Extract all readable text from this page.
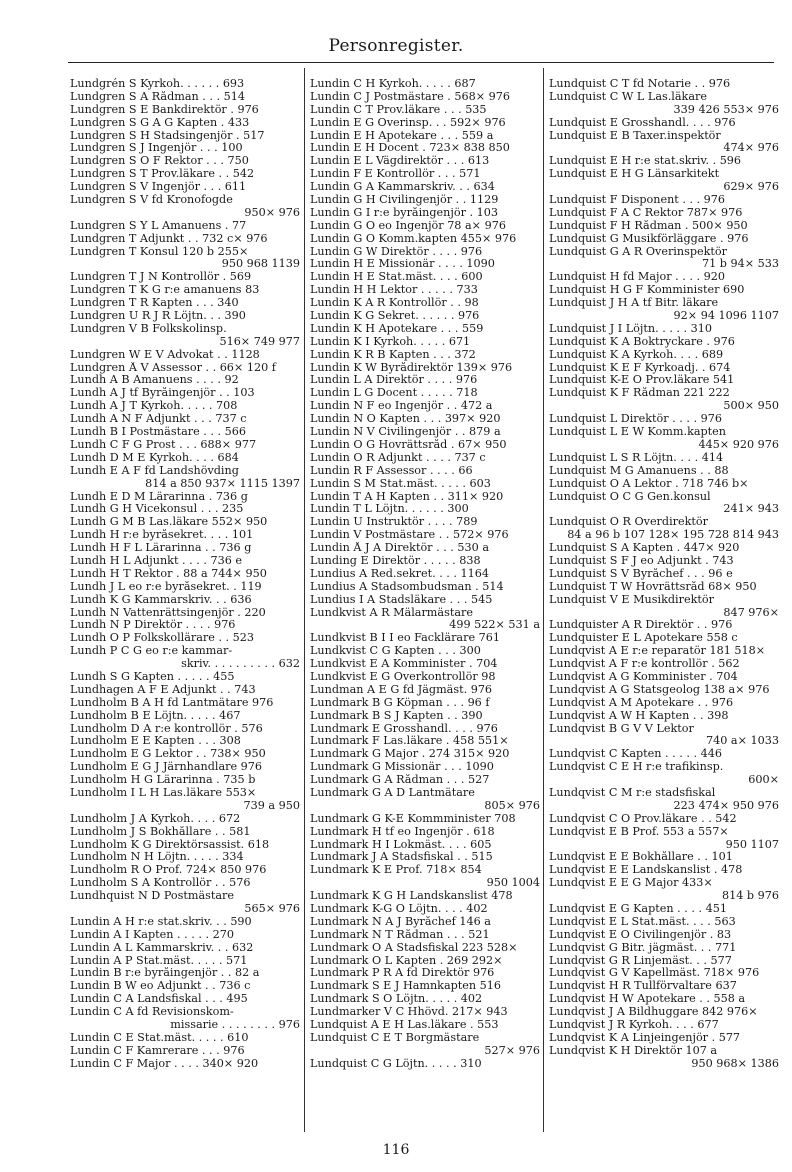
Personregister.
Lundgrén S Kyrkoh. . . . . . 693
Lundgren S A Rådman . . . 514
Lundgren S E Bankdirektör . 976
Lundgren S G A G Kapten . 433
Lundgren S H Stadsingenjör . 517
Lundgren S J Ingenjör . . . 100
Lundgren S O F Rektor . . . 750
Lundgren S T Prov.läkare . . 542
Lundgren S V Ingenjör . . . 611
Lundgren S V fd Kronofogde
950× 976
Lundgren S Y L Amanuens . 77
Lundgren T Adjunkt . . 732 c× 976
Lundgren T Konsul 120 b 255×
950 968 1139
Lundgren T J N Kontrollör . 569
Lundgren T K G r:e amanuens 83
Lundgren T R Kapten . . . 340
Lundgren U R J R Löjtn. . . 390
Lundgren V B Folkskolinsp.
516× 749 977
Lundgren W E V Advokat . . 1128
Lundgren Å V Assessor . . 66× 120 f
Lundh A B Amanuens . . . . 92
Lundh A J tf Byråingenjör . . 103
Lundh A J T Kyrkoh. . . . . 708
Lundh A N F Adjunkt . . . 737 c
Lundh B I Postmästare . . . 566
Lundh C F G Prost . . . 688× 977
Lundh D M E Kyrkoh. . . . 684
Lundh E A F fd Landshövding
814 a 850 937× 1115 1397
Lundh E D M Lärarinna . 736 g
Lundh G H Vicekonsul . . . 235
Lundh G M B Las.läkare 552× 950
Lundh H r:e byråsekret. . . . 101
Lundh H F L Lärarinna . . 736 g
Lundh H L Adjunkt . . . . 736 e
Lundh H T Rektor . 88 a 744× 950
Lundh J L eo r:e byråsekret. . 119
Lundh K G Kammarskriv. . . 636
Lundh N Vattenrättsingenjör . 220
Lundh N P Direktör . . . . 976
Lundh O P Folkskollärare . . 523
Lundh P C G eo r:e kammar-
skriv. . . . . . . . . . 632
Lundh S G Kapten . . . . . 455
Lundhagen A F E Adjunkt . . 743
Lundholm B A H fd Lantmätare 976
Lundholm B E Löjtn. . . . . 467
Lundholm D A r:e kontrollör . 576
Lundholm E E Kapten . . . 308
Lundholm E G Lektor . . 738× 950
Lundholm E G J Järnhandlare 976
Lundholm H G Lärarinna . 735 b
Lundholm I L H Las.läkare 553×
739 a 950
Lundholm J A Kyrkoh. . . . 672
Lundholm J S Bokhållare . . 581
Lundholm K G Direktörsassist. 618
Lundholm N H Löjtn. . . . . 334
Lundholm R O Prof. 724× 850 976
Lundholm S A Kontrollör . . 576
Lundhquist N D Postmästare
565× 976
Lundin A H r:e stat.skriv. . . 590
Lundin A I Kapten . . . . . 270
Lundin A L Kammarskriv. . . 632
Lundin A P Stat.mäst. . . . . 571
Lundin B r:e byråingenjör . . 82 a
Lundin B W eo Adjunkt . . 736 c
Lundin C A Landsfiskal . . . 495
Lundin C A fd Revisionskom-
missarie . . . . . . . . 976
Lundin C E Stat.mäst. . . . . 610
Lundin C F Kamrerare . . . 976
Lundin C F Major . . . . 340× 920
Lundin C H Kyrkoh. . . . . 687
Lundin C J Postmästare . 568× 976
Lundin C T Prov.läkare . . . 535
Lundin E G Överinsp. . . 592× 976
Lundin E H Apotekare . . . 559 a
Lundin E H Docent . 723× 838 850
Lundin E L Vägdirektör . . . 613
Lundin F E Kontrollör . . . 571
Lundin G A Kammarskriv. . . 634
Lundin G H Civilingenjör . . 1129
Lundin G I r:e byråingenjör . 103
Lundin G O eo Ingenjör 78 a× 976
Lundin G O Komm.kapten 455× 976
Lundin G W Direktör . . . . 976
Lundin H E Missionär . . . . 1090
Lundin H E Stat.mäst. . . . 600
Lundin H H Lektor . . . . . 733
Lundin K A R Kontrollör . . 98
Lundin K G Sekret. . . . . . 976
Lundin K H Apotekare . . . 559
Lundin K I Kyrkoh. . . . . 671
Lundin K R B Kapten . . . 372
Lundin K W Byrådirektör 139× 976
Lundin L A Direktör . . . . 976
Lundin L G Docent . . . . . 718
Lundin N F eo Ingenjör . . 472 a
Lundin N O Kapten . . . 397× 920
Lundin N V Civilingenjör . . 879 a
Lundin O G Hovrättsråd . 67× 950
Lundin O R Adjunkt . . . . 737 c
Lundin R F Assessor . . . . 66
Lundin S M Stat.mäst. . . . . 603
Lundin T A H Kapten . . 311× 920
Lundin T L Löjtn. . . . . . 300
Lundin U Instruktör . . . . 789
Lundin V Postmästare . . 572× 976
Lundin Å J A Direktör . . . 530 a
Lunding E Direktör . . . . . 838
Lundius A Red.sekret. . . . 1164
Lundius A Stadsombudsman . 514
Lundius I A Stadsläkare . . . 545
Lundkvist A R Mälarmästare
499 522× 531 a
Lundkvist B I I eo Facklärare 761
Lundkvist C G Kapten . . . 300
Lundkvist E A Komminister . 704
Lundkvist E G Överkontrollör 98
Lundman A E G fd Jägmäst. 976
Lundmark B G Köpman . . . 96 f
Lundmark B S J Kapten . . 390
Lundmark E Grosshandl. . . . 976
Lundmark F Las.läkare . 458 551×
Lundmark G Major . 274 315× 920
Lundmark G Missionär . . . 1090
Lundmark G A Rådman . . . 527
Lundmark G A D Lantmätare
805× 976
Lundmark G K-E Kommminister 708
Lundmark H tf eo Ingenjör . 618
Lundmark H I Lokmäst. . . . 605
Lundmark J A Stadsfiskal . . 515
Lundmark K E Prof. 718× 854
950 1004
Lundmark K G H Landskanslist 478
Lundmark K-G O Löjtn. . . . 402
Lundmark N A J Byråchef 146 a
Lundmark N T Rådman . . . 521
Lundmark O A Stadsfiskal 223 528×
Lundmark O L Kapten . 269 292×
Lundmark P R A fd Direktör 976
Lundmark S E J Hamnkapten 516
Lundmark S O Löjtn. . . . . 402
Lundmarker V C Hhövd. 217× 943
Lundquist A E H Las.läkare . 553
Lundquist C E T Borgmästare
527× 976
Lundquist C G Löjtn. . . . . 310
Lundquist C T fd Notarie . . 976
Lundquist C W L Las.läkare
339 426 553× 976
Lundquist E Grosshandl. . . . 976
Lundquist E B Taxer.inspektör
474× 976
Lundquist E H r:e stat.skriv. . 596
Lundquist E H G Länsarkitekt
629× 976
Lundquist F Disponent . . . 976
Lundquist F A C Rektor 787× 976
Lundquist F H Rådman . 500× 950
Lundquist G Musikförläggare . 976
Lundquist G A R Överinspektör
71 b 94× 533
Lundquist H fd Major . . . . 920
Lundquist H G F Komminister 690
Lundquist J H A tf Bitr. läkare
92× 94 1096 1107
Lundquist J I Löjtn. . . . . 310
Lundquist K A Boktryckare . 976
Lundquist K A Kyrkoh. . . . 689
Lundquist K E F Kyrkoadj. . 674
Lundquist K-E O Prov.läkare 541
Lundquist K F Rådman 221 222
500× 950
Lundquist L Direktör . . . . 976
Lundquist L E W Komm.kapten
445× 920 976
Lundquist L S R Löjtn. . . . 414
Lundquist M G Amanuens . . 88
Lundquist O A Lektor . 718 746 b×
Lundquist O C G Gen.konsul
241× 943
Lundquist O R Överdirektör
84 a 96 b 107 128× 195 728 814 943
Lundquist S A Kapten . 447× 920
Lundquist S F J eo Adjunkt . 743
Lundquist S V Byråchef . . . 96 e
Lundquist T W Hovrättsråd 68× 950
Lundquist V E Musikdirektör
847 976×
Lundquister A R Direktör . . 976
Lundquister E L Apotekare 558 c
Lundqvist A E r:e reparatör 181 518×
Lundqvist A F r:e kontrollör . 562
Lundqvist A G Komminister . 704
Lundqvist A G Statsgeolog 138 a× 976
Lundqvist A M Apotekare . . 976
Lundqvist A W H Kapten . . 398
Lundqvist B G V V Lektor
740 a× 1033
Lundqvist C Kapten . . . . . 446
Lundqvist C E H r:e trafikinsp.
600×
Lundqvist C M r:e stadsfiskal
223 474× 950 976
Lundqvist C O Prov.läkare . . 542
Lundqvist E B Prof. 553 a 557×
950 1107
Lundqvist E E Bokhållare . . 101
Lundqvist E E Landskanslist . 478
Lundqvist E E G Major 433×
814 b 976
Lundqvist E G Kapten . . . . 451
Lundqvist E L Stat.mäst. . . . 563
Lundqvist E O Civilingenjör . 83
Lundqvist G Bitr. jägmäst. . . 771
Lundqvist G R Linjemäst. . . 577
Lundqvist G V Kapellmäst. 718× 976
Lundqvist H R Tullförvaltare 637
Lundqvist H W Apotekare . . 558 a
Lundqvist J A Bildhuggare 842 976×
Lundqvist J R Kyrkoh. . . . 677
Lundqvist K A Linjeingenjör . 577
Lundqvist K H Direktör 107 a
950 968× 1386
116
